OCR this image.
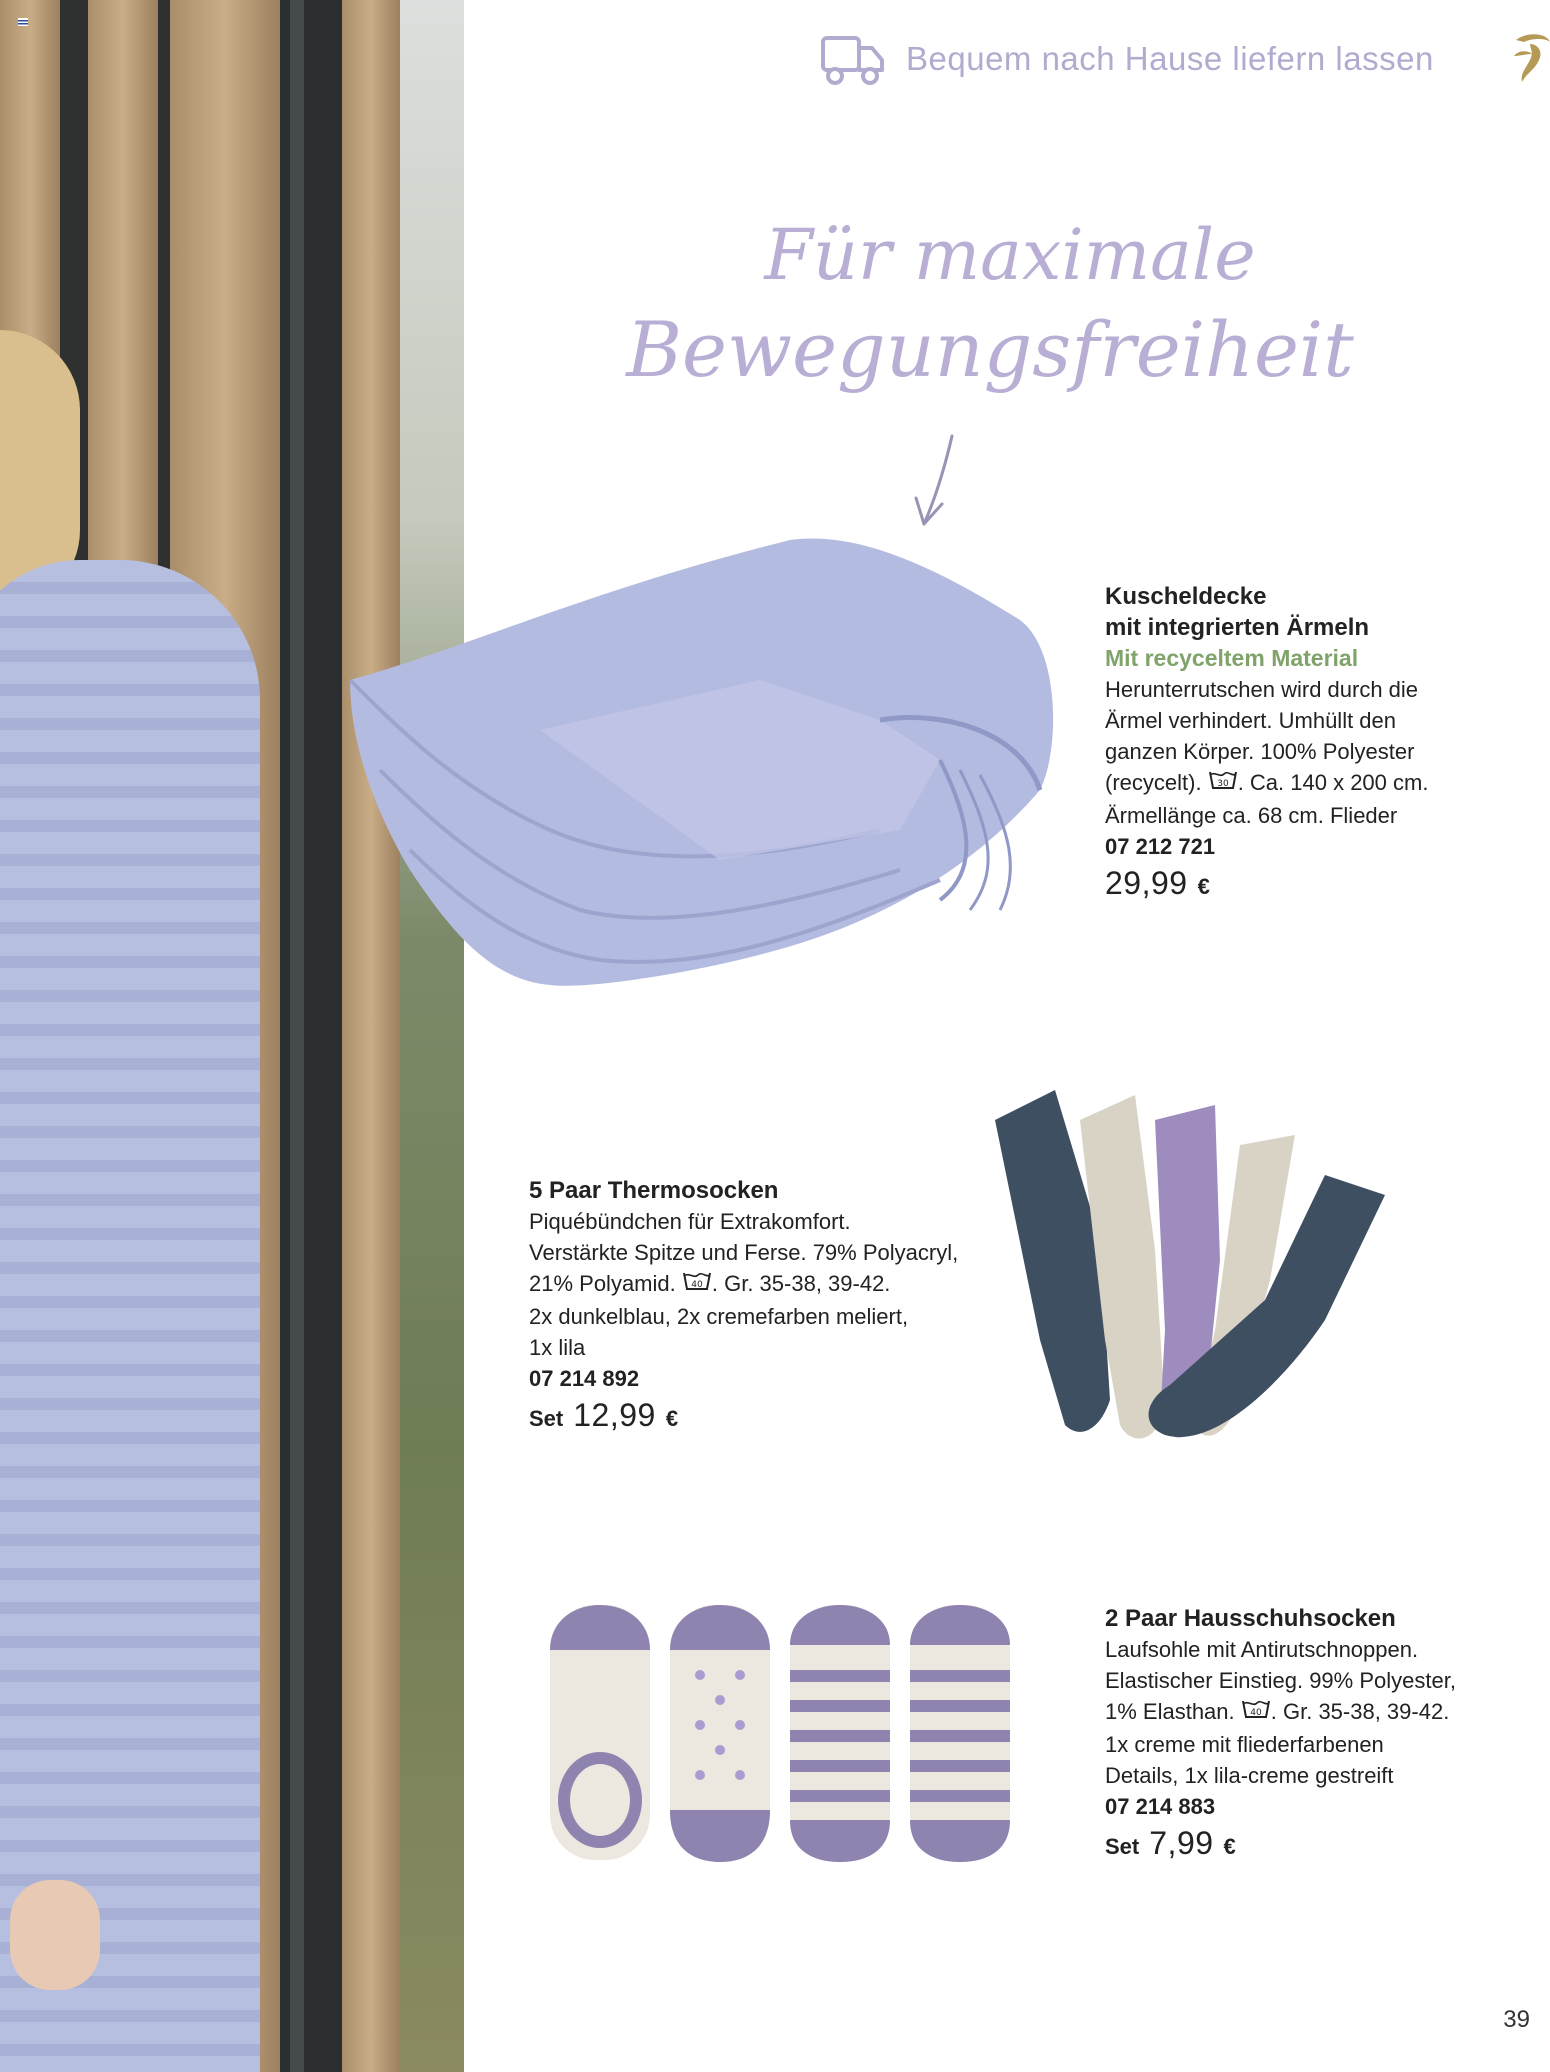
Bequem nach Hause liefern lassen
Für maximale
Bewegungsfreiheit
Kuscheldecke
mit integrierten Ärmeln
Mit recyceltem Material
Herunterrutschen wird durch die
Ärmel verhindert. Umhüllt den
ganzen Körper. 100% Polyester
(recycelt). 30 . Ca. 140 x 200 cm.
Ärmellänge ca. 68 cm. Flieder
07 212 721
29,99 €
5 Paar Thermosocken
Piquébündchen für Extrakomfort.
Verstärkte Spitze und Ferse. 79% Polyacryl,
21% Polyamid. 40 . Gr. 35-38, 39-42.
2x dunkelblau, 2x cremefarben meliert,
1x lila
07 214 892
Set 12,99 €
2 Paar Hausschuhsocken
Laufsohle mit Antirutschnoppen.
Elastischer Einstieg. 99% Polyester,
1% Elasthan. 40 . Gr. 35-38, 39-42.
1x creme mit fliederfarbenen
Details, 1x lila-creme gestreift
07 214 883
Set 7,99 €
39
